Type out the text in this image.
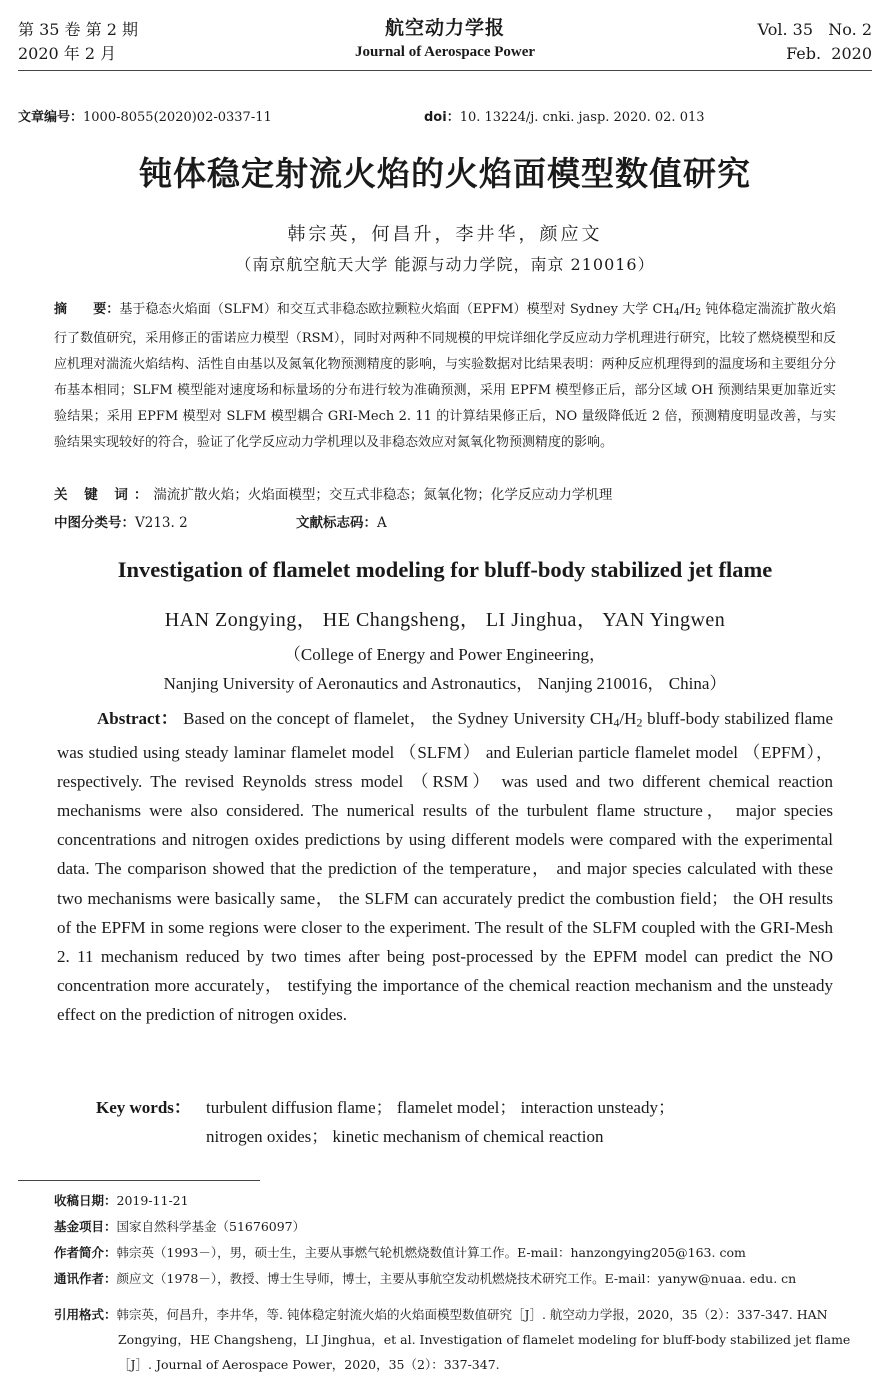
第 35 卷 第 2 期
2020 年 2 月
航空动力学报
Journal of Aerospace Power
Vol. 35   No. 2
Feb.  2020
文章编号：1000-8055(2020)02-0337-11	doi：10. 13224/j. cnki. jasp. 2020. 02. 013
钝体稳定射流火焰的火焰面模型数值研究
韩宗英，何昌升，李井华，颜应文
（南京航空航天大学 能源与动力学院，南京 210016）
摘　　要：基于稳态火焰面（SLFM）和交互式非稳态欧拉颗粒火焰面（EPFM）模型对 Sydney 大学 $CH_4/H_2$ 钝体稳定湍流扩散火焰行了数值研究，采用修正的雷诺应力模型（RSM），同时对两种不同规模的甲烷详细化学反应动力学机理进行研究，比较了燃烧模型和反应机理对湍流火焰结构、活性自由基以及氮氧化物预测精度的影响，与实验数据对比结果表明：两种反应机理得到的温度场和主要组分分布基本相同；SLFM 模型能对速度场和标量场的分布进行较为准确预测，采用 EPFM 模型修正后，部分区域 OH 预测结果更加靠近实验结果；采用 EPFM 模型对 SLFM 模型耦合 GRI-Mech 2. 11 的计算结果修正后，NO 量级降低近 2 倍，预测精度明显改善，与实验结果实现较好的符合，验证了化学反应动力学机理以及非稳态效应对氮氧化物预测精度的影响。
关 键 词：湍流扩散火焰；火焰面模型；交互式非稳态；氮氧化物；化学反应动力学机理
中图分类号：V213. 2	文献标志码：A
Investigation of flamelet modeling for bluff-body stabilized jet flame
HAN Zongying， HE Changsheng， LI Jinghua， YAN Yingwen
（College of Energy and Power Engineering，
Nanjing University of Aeronautics and Astronautics， Nanjing 210016， China）
Abstract： Based on the concept of flamelet， the Sydney University $CH_4/H_2$ bluff-body stabilized flame was studied using steady laminar flamelet model （SLFM） and Eulerian particle flamelet model （EPFM）， respectively. The revised Reynolds stress model （RSM） was used and two different chemical reaction mechanisms were also considered. The numerical results of the turbulent flame structure， major species concentrations and nitrogen oxides predictions by using different models were compared with the experimental data. The comparison showed that the prediction of the temperature， and major species calculated with these two mechanisms were basically same， the SLFM can accurately predict the combustion field； the OH results of the EPFM in some regions were closer to the experiment. The result of the SLFM coupled with the GRI-Mesh 2. 11 mechanism reduced by two times after being post-processed by the EPFM model can predict the NO concentration more accurately， testifying the importance of the chemical reaction mechanism and the unsteady effect on the prediction of nitrogen oxides.
Key words： turbulent diffusion flame； flamelet model； interaction unsteady；
nitrogen oxides； kinetic mechanism of chemical reaction
收稿日期：2019-11-21
基金项目：国家自然科学基金（51676097）
作者简介：韩宗英（1993－），男，硕士生，主要从事燃气轮机燃烧数值计算工作。E-mail：hanzongying205@163. com
通讯作者：颜应文（1978－），教授、博士生导师，博士，主要从事航空发动机燃烧技术研究工作。E-mail：yanyw@nuaa. edu. cn
引用格式：韩宗英，何昌升，李井华，等. 钝体稳定射流火焰的火焰面模型数值研究［J］. 航空动力学报，2020，35（2）：337-347. HAN Zongying，HE Changsheng，LI Jinghua，et al. Investigation of flamelet modeling for bluff-body stabilized jet flame［J］. Journal of Aerospace Power，2020，35（2）：337-347.
